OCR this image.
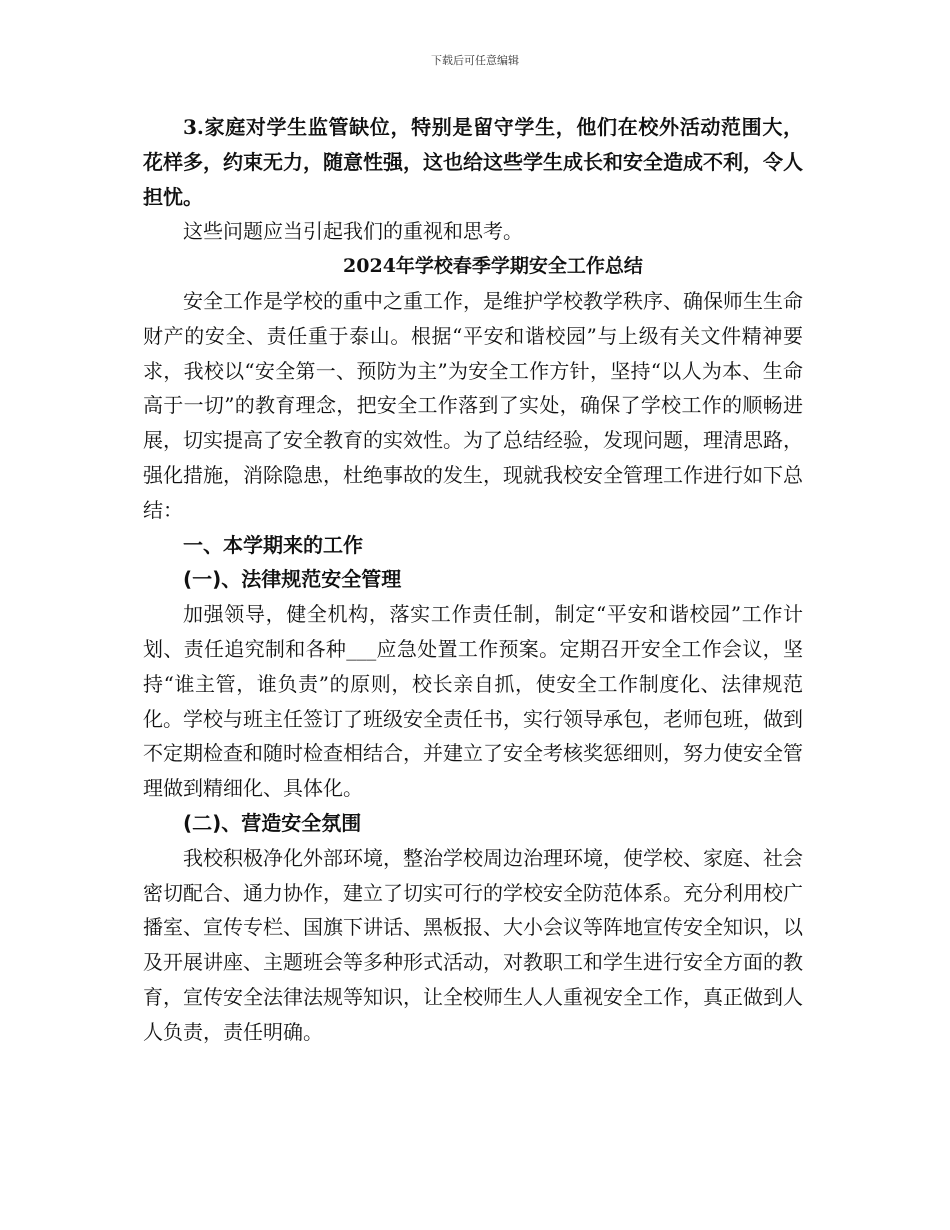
下载后可任意编辑

3.家庭对学生监管缺位，特别是留守学生，他们在校外活动范围大，花样多，约束无力，随意性强，这也给这些学生成长和安全造成不利，令人担忧。

这些问题应当引起我们的重视和思考。

2024年学校春季学期安全工作总结

安全工作是学校的重中之重工作，是维护学校教学秩序、确保师生生命财产的安全、责任重于泰山。根据“平安和谐校园”与上级有关文件精神要求，我校以“安全第一、预防为主”为安全工作方针，坚持“以人为本、生命高于一切”的教育理念，把安全工作落到了实处，确保了学校工作的顺畅进展，切实提高了安全教育的实效性。为了总结经验，发现问题，理清思路，强化措施，消除隐患，杜绝事故的发生，现就我校安全管理工作进行如下总结：

一、本学期来的工作

(一)、法律规范安全管理

加强领导，健全机构，落实工作责任制，制定“平安和谐校园”工作计划、责任追究制和各种___应急处置工作预案。定期召开安全工作会议，坚持“谁主管，谁负责”的原则，校长亲自抓，使安全工作制度化、法律规范化。学校与班主任签订了班级安全责任书，实行领导承包，老师包班，做到不定期检查和随时检查相结合，并建立了安全考核奖惩细则，努力使安全管理做到精细化、具体化。

(二)、营造安全氛围

我校积极净化外部环境，整治学校周边治理环境，使学校、家庭、社会密切配合、通力协作，建立了切实可行的学校安全防范体系。充分利用校广播室、宣传专栏、国旗下讲话、黑板报、大小会议等阵地宣传安全知识，以及开展讲座、主题班会等多种形式活动，对教职工和学生进行安全方面的教育，宣传安全法律法规等知识，让全校师生人人重视安全工作，真正做到人人负责，责任明确。
